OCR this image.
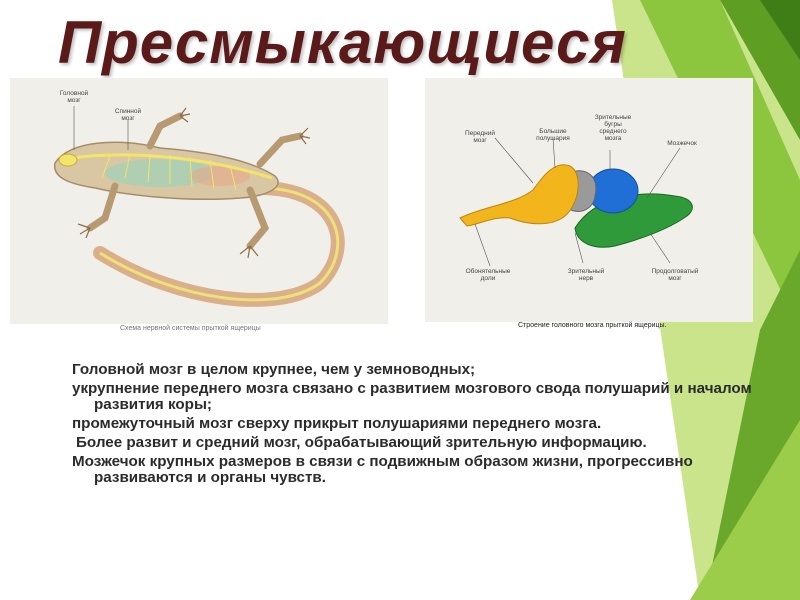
Пресмыкающиеся
Головной
мозг
Спинной
мозг
Схема нервной системы прыткой ящерицы
Передний
мозг
Большие
полушария
Зрительные
бугры
среднего
мозга
Мозжечок
Обонятельные
доли
Зрительный
нерв
Продолговатый
мозг
Строение головного мозга прыткой ящерицы.
Головной мозг в целом крупнее, чем у земноводных;
укрупнение переднего мозга связано с развитием мозгового свода полушарий и началом развития коры;
промежуточный мозг сверху прикрыт полушариями переднего мозга.
Более развит и средний мозг, обрабатывающий зрительную информацию.
Мозжечок крупных размеров в связи с подвижным образом жизни, прогрессивно развиваются и органы чувств.
